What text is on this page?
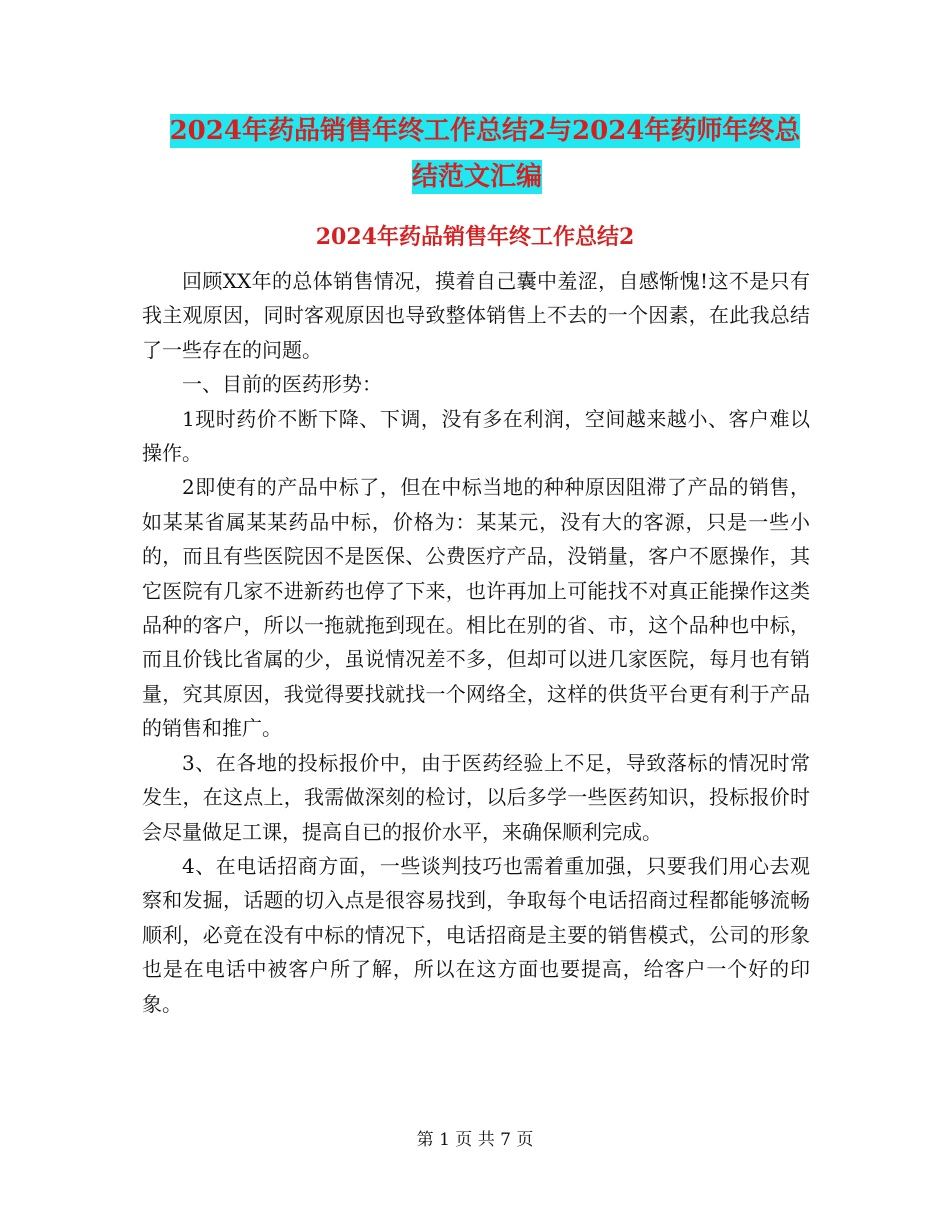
2024年药品销售年终工作总结2与2024年药师年终总
结范文汇编
2024年药品销售年终工作总结2

回顾XX年的总体销售情况，摸着自己囊中羞涩，自感惭愧!这不是只有我主观原因，同时客观原因也导致整体销售上不去的一个因素，在此我总结了一些存在的问题。

一、目前的医药形势：

1现时药价不断下降、下调，没有多在利润，空间越来越小、客户难以操作。

2即使有的产品中标了，但在中标当地的种种原因阻滞了产品的销售，如某某省属某某药品中标，价格为：某某元，没有大的客源，只是一些小的，而且有些医院因不是医保、公费医疗产品，没销量，客户不愿操作，其它医院有几家不进新药也停了下来，也许再加上可能找不对真正能操作这类品种的客户，所以一拖就拖到现在。相比在别的省、市，这个品种也中标，而且价钱比省属的少，虽说情况差不多，但却可以进几家医院，每月也有销量，究其原因，我觉得要找就找一个网络全，这样的供货平台更有利于产品的销售和推广。

3、在各地的投标报价中，由于医药经验上不足，导致落标的情况时常发生，在这点上，我需做深刻的检讨，以后多学一些医药知识，投标报价时会尽量做足工课，提高自已的报价水平，来确保顺利完成。

4、在电话招商方面，一些谈判技巧也需着重加强，只要我们用心去观察和发掘，话题的切入点是很容易找到，争取每个电话招商过程都能够流畅顺利，必竟在没有中标的情况下，电话招商是主要的销售模式，公司的形象也是在电话中被客户所了解，所以在这方面也要提高，给客户一个好的印象。

第 1 页 共 7 页
